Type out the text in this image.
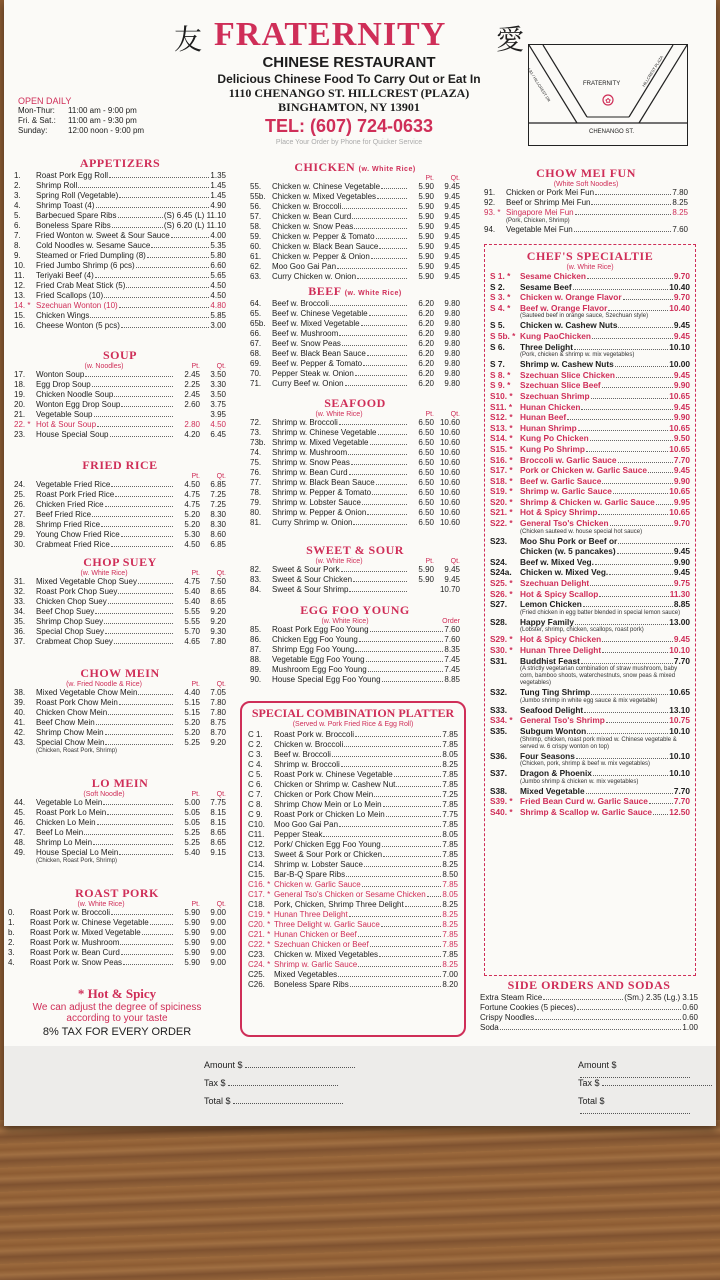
友 FRATERNITY 愛
CHINESE RESTAURANT
Delicious Chinese Food To Carry Out or Eat In
1110 CHENANGO ST. HILLCREST (PLAZA)
BINGHAMTON, NY 13901
TEL: (607) 724-0633
Place Your Order by Phone for Quicker Service
OPEN DAILY
Mon-Thur: 11:00 am - 9:00 pm
Fri. & Sat.: 11:00 am - 9:30 pm
Sunday:	12:00 noon - 9:00 pm
✿
FRATERNITY
CHENANGO ST.
I-81 / HILLCREST DR	HILLCREST PLAZA
APPETIZERS
1.	Roast Pork Egg Roll	1.35
2.	Shrimp Roll	1.45
3.	Spring Roll (Vegetable)	1.45
4.	Shrimp Toast (4)	4.90
5.	Barbecued Spare Ribs	(S) 6.45 (L) 11.10
6.	Boneless Spare Ribs	(S) 6.20 (L) 11.10
7.	Fried Wonton w. Sweet & Sour Sauce	4.00
8.	Cold Noodles w. Sesame Sauce	5.35
9.	Steamed or Fried Dumpling (8)	5.80
10.	Fried Jumbo Shrimp (6 pcs)	6.60
11.	Teriyaki Beef (4)	5.65
12.	Fried Crab Meat Stick (5)	4.50
13.	Fried Scallops (10)	4.50
14. * Szechuan Wonton (10)	4.80
15.	Chicken Wings	5.85
16.	Cheese Wonton (5 pcs)	3.00
SOUP
(w. Noodles)	Pt.	Qt.
17.	Wonton Soup	2.45	3.50
18.	Egg Drop Soup	2.25	3.30
19.	Chicken Noodle Soup	2.45	3.50
20.	Wonton Egg Drop Soup	2.60	3.75
21.	Vegetable Soup	3.95
22. * Hot & Sour Soup	2.80	4.50
23.	House Special Soup	4.20	6.45
FRIED RICE
Pt.	Qt.
24.	Vegetable Fried Rice	4.50	6.85
25.	Roast Pork Fried Rice	4.75	7.25
26.	Chicken Fried Rice	4.75	7.25
27.	Beef Fried Rice	5.20	8.30
28.	Shrimp Fried Rice	5.20	8.30
29.	Young Chow Fried Rice	5.30	8.60
30.	Crabmeat Fried Rice	4.50	6.85
CHOP SUEY
(w. White Rice)	Pt.	Qt.
31.	Mixed Vegetable Chop Suey	4.75	7.50
32.	Roast Pork Chop Suey	5.40	8.65
33.	Chicken Chop Suey	5.40	8.65
34.	Beef Chop Suey	5.55	9.20
35.	Shrimp Chop Suey	5.55	9.20
36.	Special Chop Suey	5.70	9.30
37.	Crabmeat Chop Suey	4.65	7.80
CHOW MEIN
(w. Fried Noodle & Rice)	Pt.	Qt.
38.	Mixed Vegetable Chow Mein	4.40	7.05
39.	Roast Pork Chow Mein	5.15	7.80
40.	Chicken Chow Mein	5.15	7.80
41.	Beef Chow Mein	5.20	8.75
42.	Shrimp Chow Mein	5.20	8.70
43.	Special Chow Mein	5.25	9.20
(Chicken, Roast Pork, Shrimp)
LO MEIN
(Soft Noodle)	Pt.	Qt.
44.	Vegetable Lo Mein	5.00	7.75
45.	Roast Pork Lo Mein	5.05	8.15
46.	Chicken Lo Mein	5.05	8.15
47.	Beef Lo Mein	5.25	8.65
48.	Shrimp Lo Mein	5.25	8.65
49.	House Special Lo Mein	5.40	9.15
(Chicken, Roast Pork, Shrimp)
ROAST PORK
(w. White Rice)	Pt.	Qt.
0.	Roast Pork w. Broccoli	5.90	9.00
1.	Roast Pork w. Chinese Vegetable	5.90	9.00
b.	Roast Pork w. Mixed Vegetable	5.90	9.00
2.	Roast Pork w. Mushroom	5.90	9.00
3.	Roast Pork w. Bean Curd	5.90	9.00
4.	Roast Pork w. Snow Peas	5.90	9.00
* Hot & Spicy
We can adjust the degree of spiciness
according to your taste
8% TAX FOR EVERY ORDER
CHICKEN (w. White Rice)
Pt.	Qt.
55.	Chicken w. Chinese Vegetable	5.90	9.45
55b. Chicken w. Mixed Vegetables	5.90	9.45
56.	Chicken w. Broccoli	5.90	9.45
57.	Chicken w. Bean Curd	5.90	9.45
58.	Chicken w. Snow Peas	5.90	9.45
59.	Chicken w. Pepper & Tomato	5.90	9.45
60.	Chicken w. Black Bean Sauce	5.90	9.45
61.	Chicken w. Pepper & Onion	5.90	9.45
62.	Moo Goo Gai Pan	5.90	9.45
63.	Curry Chicken w. Onion	5.90	9.45
BEEF (w. White Rice)
64.	Beef w. Broccoli	6.20	9.80
65.	Beef w. Chinese Vegetable	6.20	9.80
65b. Beef w. Mixed Vegetable	6.20	9.80
66.	Beef w. Mushroom	6.20	9.80
67.	Beef w. Snow Peas	6.20	9.80
68.	Beef w. Black Bean Sauce	6.20	9.80
69.	Beef w. Pepper & Tomato	6.20	9.80
70.	Pepper Steak w. Onion	6.20	9.80
71.	Curry Beef w. Onion	6.20	9.80
SEAFOOD
(w. White Rice)	Pt.	Qt.
72.	Shrimp w. Broccoli	6.50 10.60
73.	Shrimp w. Chinese Vegetable	6.50 10.60
73b. Shrimp w. Mixed Vegetable	6.50 10.60
74.	Shrimp w. Mushroom	6.50 10.60
75.	Shrimp w. Snow Peas	6.50 10.60
76.	Shrimp w. Bean Curd	6.50 10.60
77.	Shrimp w. Black Bean Sauce	6.50 10.60
78.	Shrimp w. Pepper & Tomato	6.50 10.60
79.	Shrimp w. Lobster Sauce	6.50 10.60
80.	Shrimp w. Pepper & Onion	6.50 10.60
81.	Curry Shrimp w. Onion	6.50 10.60
SWEET & SOUR
(w. White Rice)	Pt.	Qt.
82.	Sweet & Sour Pork	5.90	9.45
83.	Sweet & Sour Chicken	5.90	9.45
84.	Sweet & Sour Shrimp	10.70
EGG FOO YOUNG
(w. White Rice)	Order
85.	Roast Pork Egg Foo Young	7.60
86.	Chicken Egg Foo Young	7.60
87.	Shrimp Egg Foo Young	8.35
88.	Vegetable Egg Foo Young	7.45
89.	Mushroom Egg Foo Young	7.45
90.	House Special Egg Foo Young	8.85
SPECIAL COMBINATION PLATTER
(Served w. Pork Fried Rice & Egg Roll)
C 1.	Roast Pork w. Broccoli	7.85
C 2.	Chicken w. Broccoli	7.85
C 3.	Beef w. Broccoli	8.05
C 4.	Shrimp w. Broccoli	8.25
C 5.	Roast Pork w. Chinese Vegetable	7.85
C 6.	Chicken or Shrimp w. Cashew Nut	7.85
C 7.	Chicken or Pork Chow Mein	7.25
C 8.	Shrimp Chow Mein or Lo Mein	7.85
C 9.	Roast Pork or Chicken Lo Mein	7.75
C10.	Moo Goo Gai Pan	7.85
C11.	Pepper Steak	8.05
C12.	Pork/ Chicken Egg Foo Young	7.85
C13.	Sweet & Sour Pork or Chicken	7.85
C14.	Shrimp w. Lobster Sauce	8.25
C15.	Bar-B-Q Spare Ribs	8.50
C16. * Chicken w. Garlic Sauce	7.85
C17. * General Tso's Chicken or Sesame Chicken 8.05
C18.	Pork, Chicken, Shrimp Three Delight	8.25
C19. * Hunan Three Delight	8.25
C20. * Three Delight w. Garlic Sauce	8.25
C21. * Hunan Chicken or Beef	7.85
C22. * Szechuan Chicken or Beef	7.85
C23.	Chicken w. Mixed Vegetables	7.85
C24. * Shrimp w. Garlic Sauce	8.25
C25.	Mixed Vegetables	7.00
C26.	Boneless Spare Ribs	8.20
CHOW MEI FUN
(White Soft Noodles)
91.	Chicken or Pork Mei Fun	7.80
92.	Beef or Shrimp Mei Fun	8.25
93. * Singapore Mei Fun	8.25
(Pork, Chicken, Shrimp)
94.	Vegetable Mei Fun	7.60
CHEF'S SPECIALTIE
(w. White Rice)
S 1. *	Sesame Chicken	9.70
S 2.	Sesame Beef	10.40
S 3. *	Chicken w. Orange Flavor	9.70
S 4. *	Beef w. Orange Flavor	10.40
(Sauteed beef in orange sauce, Szechuan style)
S 5.	Chicken w. Cashew Nuts	9.45
S 5b. * Kung PaoChicken	9.45
S 6.	Three Delight	10.10
(Pork, chicken & shrimp w. mix vegetables)
S 7.	Shrimp w. Cashew Nuts	10.00
S 8. *	Szechuan Slice Chicken	9.45
S 9. *	Szechuan Slice Beef	9.90
S10. * Szechuan Shrimp	10.65
S11. * Hunan Chicken	9.45
S12. * Hunan Beef	9.90
S13. * Hunan Shrimp	10.65
S14. * Kung Po Chicken	9.50
S15. * Kung Po Shrimp	10.65
S16. * Broccoli w. Garlic Sauce	7.70
S17. * Pork or Chicken w. Garlic Sauce	9.45
S18. * Beef w. Garlic Sauce	9.90
S19. * Shrimp w. Garlic Sauce	10.65
S20. * Shrimp & Chicken w. Garlic Sauce 9.95
S21. * Hot & Spicy Shrimp	10.65
S22. * General Tso's Chicken	9.70
(Chicken sauteed w. house special hot sauce)
S23.	Moo Shu Pork or Beef or
Chicken (w. 5 pancakes)	9.45
S24.	Beef w. Mixed Veg.	9.90
S24a.	Chicken w. Mixed Veg.	9.45
S25. * Szechuan Delight	9.75
S26. * Hot & Spicy Scallop	11.30
S27.	Lemon Chicken	8.85
(Fried chicken in egg batter blended in special lemon sauce)
S28.	Happy Family	13.00
(Lobster, shrimp, chicken, scallops, roast pork)
S29. * Hot & Spicy Chicken	9.45
S30. * Hunan Three Delight	10.10
S31.	Buddhist Feast	7.70
(A strictly vegetarian combination of straw mushroom, baby corn, bamboo shoots, waterchestnuts, snow peas & mixed vegetables)
S32.	Tung Ting Shrimp	10.65
(Jumbo shrimp in white egg sauce & mix vegetable)
S33.	Seafood Delight	13.10
S34. * General Tso's Shrimp	10.75
S35.	Subgum Wonton	10.10
(Shrimp, chicken, roast pork mixed w. Chinese vegetable & served w. 6 crispy wonton on top)
S36.	Four Seasons	10.10
(Chicken, pork, shrimp & beef w. mix vegetables)
S37.	Dragon & Phoenix	10.10
(Jumbo shrimp & chicken w. mix vegetables)
S38.	Mixed Vegetable	7.70
S39. * Fried Bean Curd w. Garlic Sauce	7.70
S40. * Shrimp & Scallop w. Garlic Sauce 12.50
SIDE ORDERS AND SODAS
Extra Steam Rice	(Sm.) 2.35 (Lg.) 3.15
Fortune Cookies (5 pieces)	0.60
Crispy Noodles	0.60
Soda	1.00
Amount $
Tax $
Total $
Amount $
Tax $
Total $
